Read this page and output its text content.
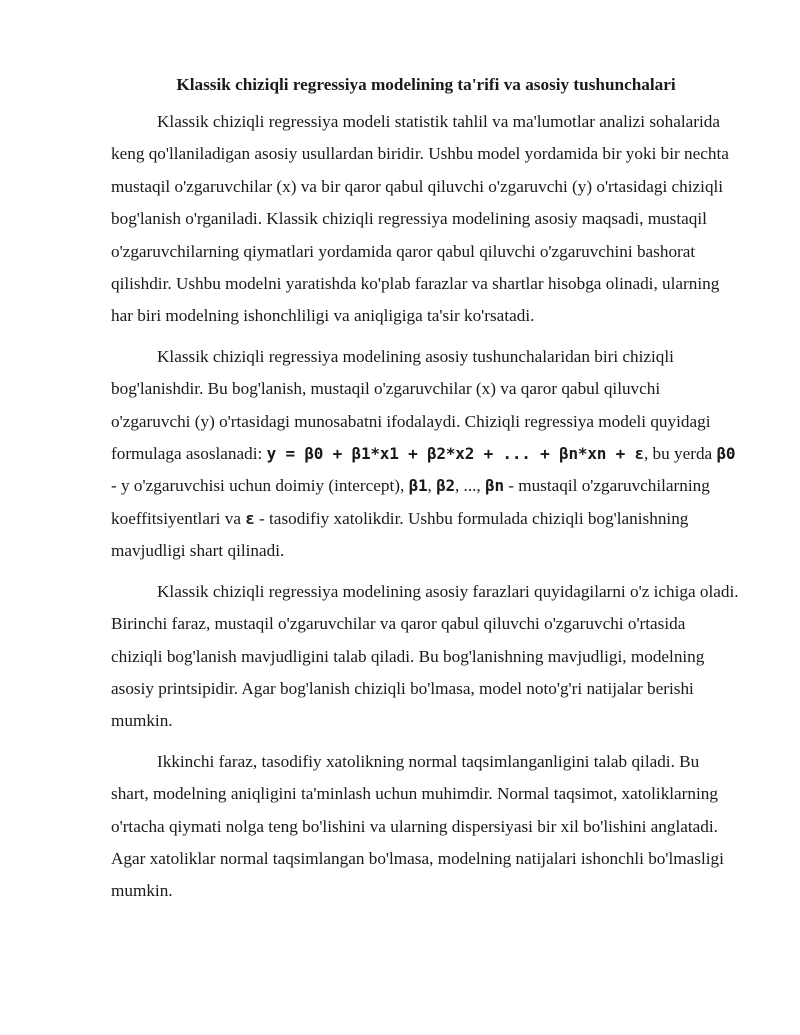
Klassik chiziqli regressiya modelining ta'rifi va asosiy tushunchalari

Klassik chiziqli regressiya modeli statistik tahlil va ma'lumotlar analizi sohalarida keng qo'llaniladigan asosiy usullardan biridir. Ushbu model yordamida bir yoki bir nechta mustaqil o'zgaruvchilar (x) va bir qaror qabul qiluvchi o'zgaruvchi (y) o'rtasidagi chiziqli bog'lanish o'rganiladi. Klassik chiziqli regressiya modelining asosiy maqsadi, mustaqil o'zgaruvchilarning qiymatlari yordamida qaror qabul qiluvchi o'zgaruvchini bashorat qilishdir. Ushbu modelni yaratishda ko'plab farazlar va shartlar hisobga olinadi, ularning har biri modelning ishonchliligi va aniqligiga ta'sir ko'rsatadi.

Klassik chiziqli regressiya modelining asosiy tushunchalaridan biri chiziqli bog'lanishdir. Bu bog'lanish, mustaqil o'zgaruvchilar (x) va qaror qabul qiluvchi o'zgaruvchi (y) o'rtasidagi munosabatni ifodalaydi. Chiziqli regressiya modeli quyidagi formulaga asoslanadi: y = β0 + β1*x1 + β2*x2 + ... + βn*xn + ε, bu yerda β0 - y o'zgaruvchisi uchun doimiy (intercept), β1, β2, ..., βn - mustaqil o'zgaruvchilarning koeffitsiyentlari va ε - tasodifiy xatolikdir. Ushbu formulada chiziqli bog'lanishning mavjudligi shart qilinadi.

Klassik chiziqli regressiya modelining asosiy farazlari quyidagilarni o'z ichiga oladi. Birinchi faraz, mustaqil o'zgaruvchilar va qaror qabul qiluvchi o'zgaruvchi o'rtasida chiziqli bog'lanish mavjudligini talab qiladi. Bu bog'lanishning mavjudligi, modelning asosiy printsipidir. Agar bog'lanish chiziqli bo'lmasa, model noto'g'ri natijalar berishi mumkin.

Ikkinchi faraz, tasodifiy xatolikning normal taqsimlanganligini talab qiladi. Bu shart, modelning aniqligini ta'minlash uchun muhimdir. Normal taqsimot, xatoliklarning o'rtacha qiymati nolga teng bo'lishini va ularning dispersiyasi bir xil bo'lishini anglatadi. Agar xatoliklar normal taqsimlangan bo'lmasa, modelning natijalari ishonchli bo'lmasligi mumkin.
